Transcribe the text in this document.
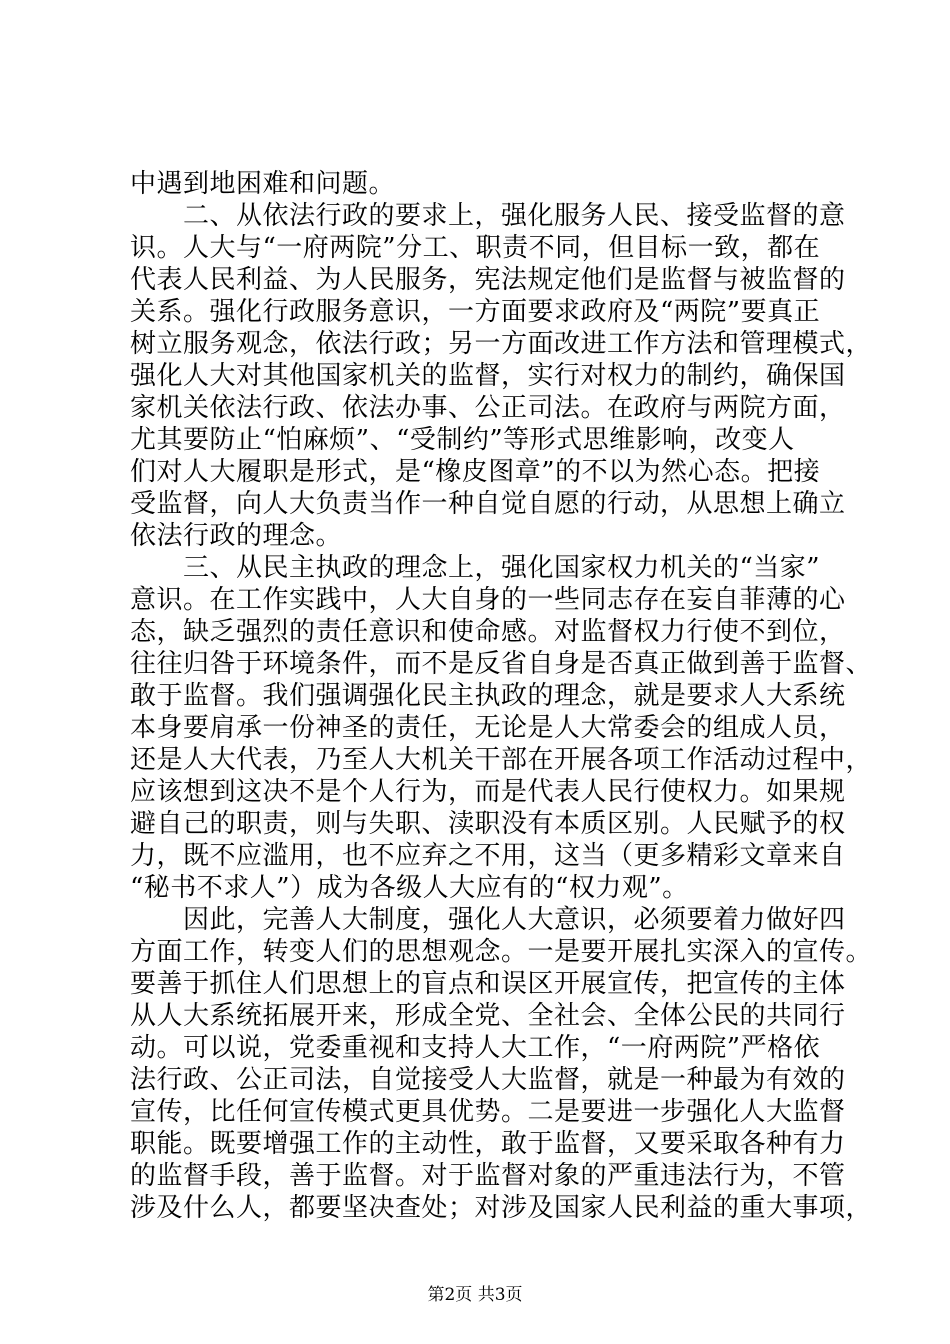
中遇到地困难和问题。
　　二、从依法行政的要求上，强化服务人民、接受监督的意
识。人大与“一府两院”分工、职责不同，但目标一致，都在
代表人民利益、为人民服务，宪法规定他们是监督与被监督的
关系。强化行政服务意识，一方面要求政府及“两院”要真正
树立服务观念，依法行政；另一方面改进工作方法和管理模式，
强化人大对其他国家机关的监督，实行对权力的制约，确保国
家机关依法行政、依法办事、公正司法。在政府与两院方面，
尤其要防止“怕麻烦”、“受制约”等形式思维影响，改变人
们对人大履职是形式，是“橡皮图章”的不以为然心态。把接
受监督，向人大负责当作一种自觉自愿的行动，从思想上确立
依法行政的理念。
　　三、从民主执政的理念上，强化国家权力机关的“当家”
意识。在工作实践中，人大自身的一些同志存在妄自菲薄的心
态，缺乏强烈的责任意识和使命感。对监督权力行使不到位，
往往归咎于环境条件，而不是反省自身是否真正做到善于监督、
敢于监督。我们强调强化民主执政的理念，就是要求人大系统
本身要肩承一份神圣的责任，无论是人大常委会的组成人员，
还是人大代表，乃至人大机关干部在开展各项工作活动过程中，
应该想到这决不是个人行为，而是代表人民行使权力。如果规
避自己的职责，则与失职、渎职没有本质区别。人民赋予的权
力，既不应滥用，也不应弃之不用，这当（更多精彩文章来自
“秘书不求人”）成为各级人大应有的“权力观”。
　　因此，完善人大制度，强化人大意识，必须要着力做好四
方面工作，转变人们的思想观念。一是要开展扎实深入的宣传。
要善于抓住人们思想上的盲点和误区开展宣传，把宣传的主体
从人大系统拓展开来，形成全党、全社会、全体公民的共同行
动。可以说，党委重视和支持人大工作，“一府两院”严格依
法行政、公正司法，自觉接受人大监督，就是一种最为有效的
宣传，比任何宣传模式更具优势。二是要进一步强化人大监督
职能。既要增强工作的主动性，敢于监督，又要采取各种有力
的监督手段，善于监督。对于监督对象的严重违法行为，不管
涉及什么人，都要坚决查处；对涉及国家人民利益的重大事项，
第2页 共3页
